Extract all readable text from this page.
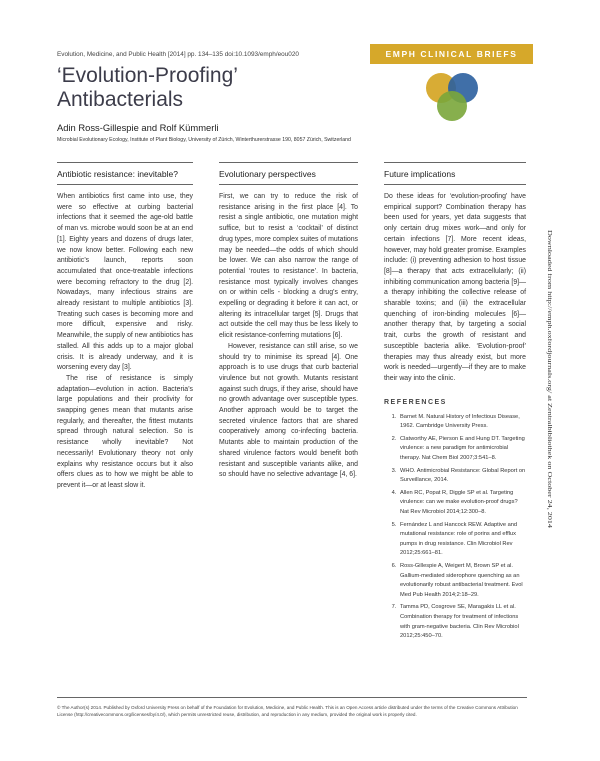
Evolution, Medicine, and Public Health [2014] pp. 134–135 doi:10.1093/emph/eou020	EMPH CLINICAL BRIEFS
‘Evolution-Proofing’
Antibacterials
Adin Ross-Gillespie and Rolf Kümmerli
Microbial Evolutionary Ecology, Institute of Plant Biology, University of Zürich, Winterthurerstrasse 190, 8057 Zürich, Switzerland
Antibiotic resistance: inevitable?

When antibiotics first came into use, they were so effective at curbing bacterial infections that it seemed the age-old battle of man vs. microbe would soon be at an end [1]. Eighty years and dozens of drugs later, we now know better. Following each new antibiotic’s launch, reports soon accumulated that once-treatable infections were becoming refractory to the drug [2]. Nowadays, many infectious strains are already resistant to multiple antibiotics [3]. Treating such cases is becoming more and more difficult, expensive and risky. Meanwhile, the supply of new antibiotics has stalled. All this adds up to a major global crisis. It is already underway, and it is worsening every day [3].

The rise of resistance is simply adaptation—evolution in action. Bacteria’s large populations and their proclivity for swapping genes mean that mutants arise regularly, and thereafter, the fittest mutants spread through natural selection. So is resistance wholly inevitable? Not necessarily! Evolutionary theory not only explains why resistance occurs but it also offers clues as to how we might be able to prevent it—or at least slow it.

Evolutionary perspectives

First, we can try to reduce the risk of resistance arising in the first place [4]. To resist a single antibiotic, one mutation might suffice, but to resist a ‘cocktail’ of distinct drug types, more complex suites of mutations may be needed—the odds of which should be lower. We can also narrow the range of potential ‘routes to resistance’. In bacteria, resistance most typically involves changes on or within cells - blocking a drug’s entry, expelling or degrading it before it can act, or altering its intracellular target [5]. Drugs that act outside the cell may thus be less likely to elicit resistance-conferring mutations [6].

However, resistance can still arise, so we should try to minimise its spread [4]. One approach is to use drugs that curb bacterial virulence but not growth. Mutants resistant against such drugs, if they arise, should have no growth advantage over susceptible types. Another approach would be to target the secreted virulence factors that are shared cooperatively among co-infecting bacteria. Mutants able to maintain production of the shared virulence factors would benefit both resistant and susceptible variants alike, and so should have no selective advantage [4, 6].

Future implications

Do these ideas for ‘evolution-proofing’ have empirical support? Combination therapy has been used for years, yet data suggests that only certain drug mixes work—and only for certain infections [7]. More recent ideas, however, may hold greater promise. Examples include: (i) preventing adhesion to host tissue [8]—a therapy that acts extracellularly; (ii) inhibiting communication among bacteria [9]—a therapy inhibiting the collective release of sharable toxins; and (iii) the extracellular quenching of iron-binding molecules [6]—another therapy that, by targeting a social trait, curbs the growth of resistant and susceptible bacteria alike. ‘Evolution-proof’ therapies may thus already exist, but more work is needed—urgently—if they are to make their way into the clinic.

REFERENCES
1. Barnet M. Natural History of Infectious Disease, 1962. Cambridge University Press.
2. Clatworthy AE, Pierson E and Hung DT. Targeting virulence: a new paradigm for antimicrobial therapy. Nat Chem Biol 2007;3:541–8.
3. WHO. Antimicrobial Resistance: Global Report on Surveillance, 2014.
4. Allen RC, Popat R, Diggle SP et al. Targeting virulence: can we make evolution-proof drugs? Nat Rev Microbiol 2014;12:300–8.
5. Fernández L and Hancock REW. Adaptive and mutational resistance: role of porins and efflux pumps in drug resistance. Clin Microbiol Rev 2012;25:661–81.
6. Ross-Gillespie A, Weigert M, Brown SP et al. Gallium-mediated siderophore quenching as an evolutionarily robust antibacterial treatment. Evol Med Pub Health 2014;2:18–29.
7. Tamma PD, Cosgrove SE, Maragakis LL et al. Combination therapy for treatment of infections with gram-negative bacteria. Clin Rev Microbiol 2012;25:450–70.
Downloaded from http://emph.oxfordjournals.org/ at Zentralbibliothek on October 24, 2014
© The Author(s) 2014. Published by Oxford University Press on behalf of the Foundation for Evolution, Medicine, and Public Health. This is an Open Access article distributed under the terms of the Creative Commons Attribution License (http://creativecommons.org/licenses/by/4.0/), which permits unrestricted reuse, distribution, and reproduction in any medium, provided the original work is properly cited.
